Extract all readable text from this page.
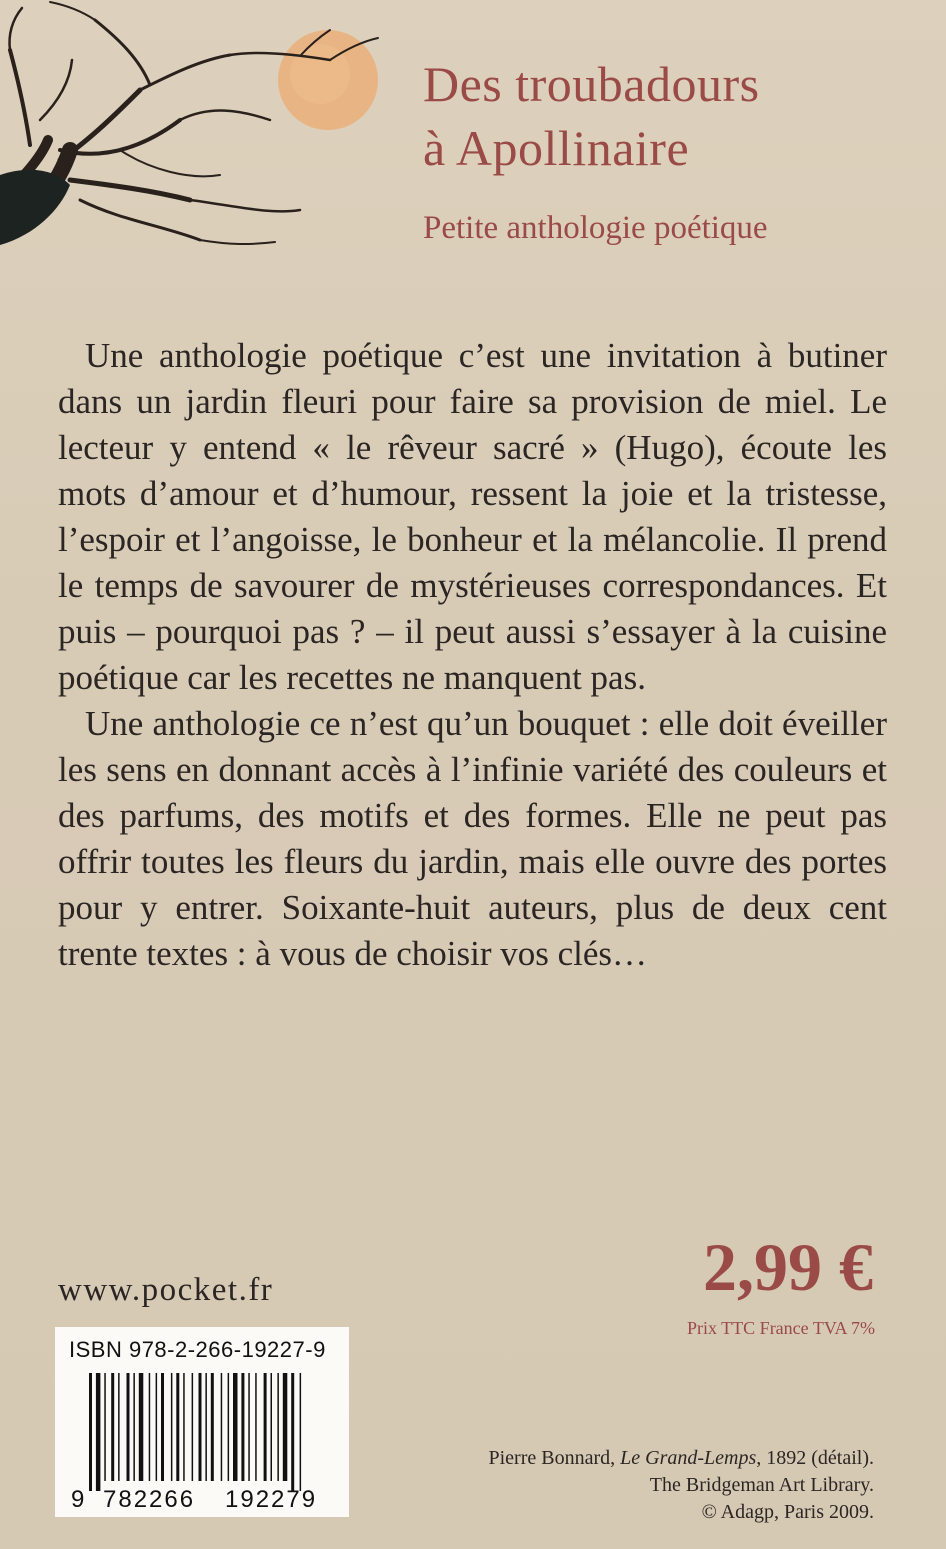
Des troubadours
à Apollinaire
Petite anthologie poétique

Une anthologie poétique c’est une invitation à butiner dans un jardin fleuri pour faire sa provision de miel. Le lecteur y entend « le rêveur sacré » (Hugo), écoute les mots d’amour et d’humour, ressent la joie et la tristesse, l’espoir et l’angoisse, le bonheur et la mélancolie. Il prend le temps de savourer de mystérieuses correspondances. Et puis – pourquoi pas ? – il peut aussi s’essayer à la cuisine poétique car les recettes ne manquent pas.

Une anthologie ce n’est qu’un bouquet : elle doit éveiller les sens en donnant accès à l’infinie variété des couleurs et des parfums, des motifs et des formes. Elle ne peut pas offrir toutes les fleurs du jardin, mais elle ouvre des portes pour y entrer. Soixante-huit auteurs, plus de deux cent trente textes : à vous de choisir vos clés…

www.pocket.fr	2,99 €

Prix TTC France TVA 7%

ISBN 978-2-266-19227-9
9 782266 192279

Pierre Bonnard, Le Grand-Lemps, 1892 (détail).
The Bridgeman Art Library.
© Adagp, Paris 2009.
